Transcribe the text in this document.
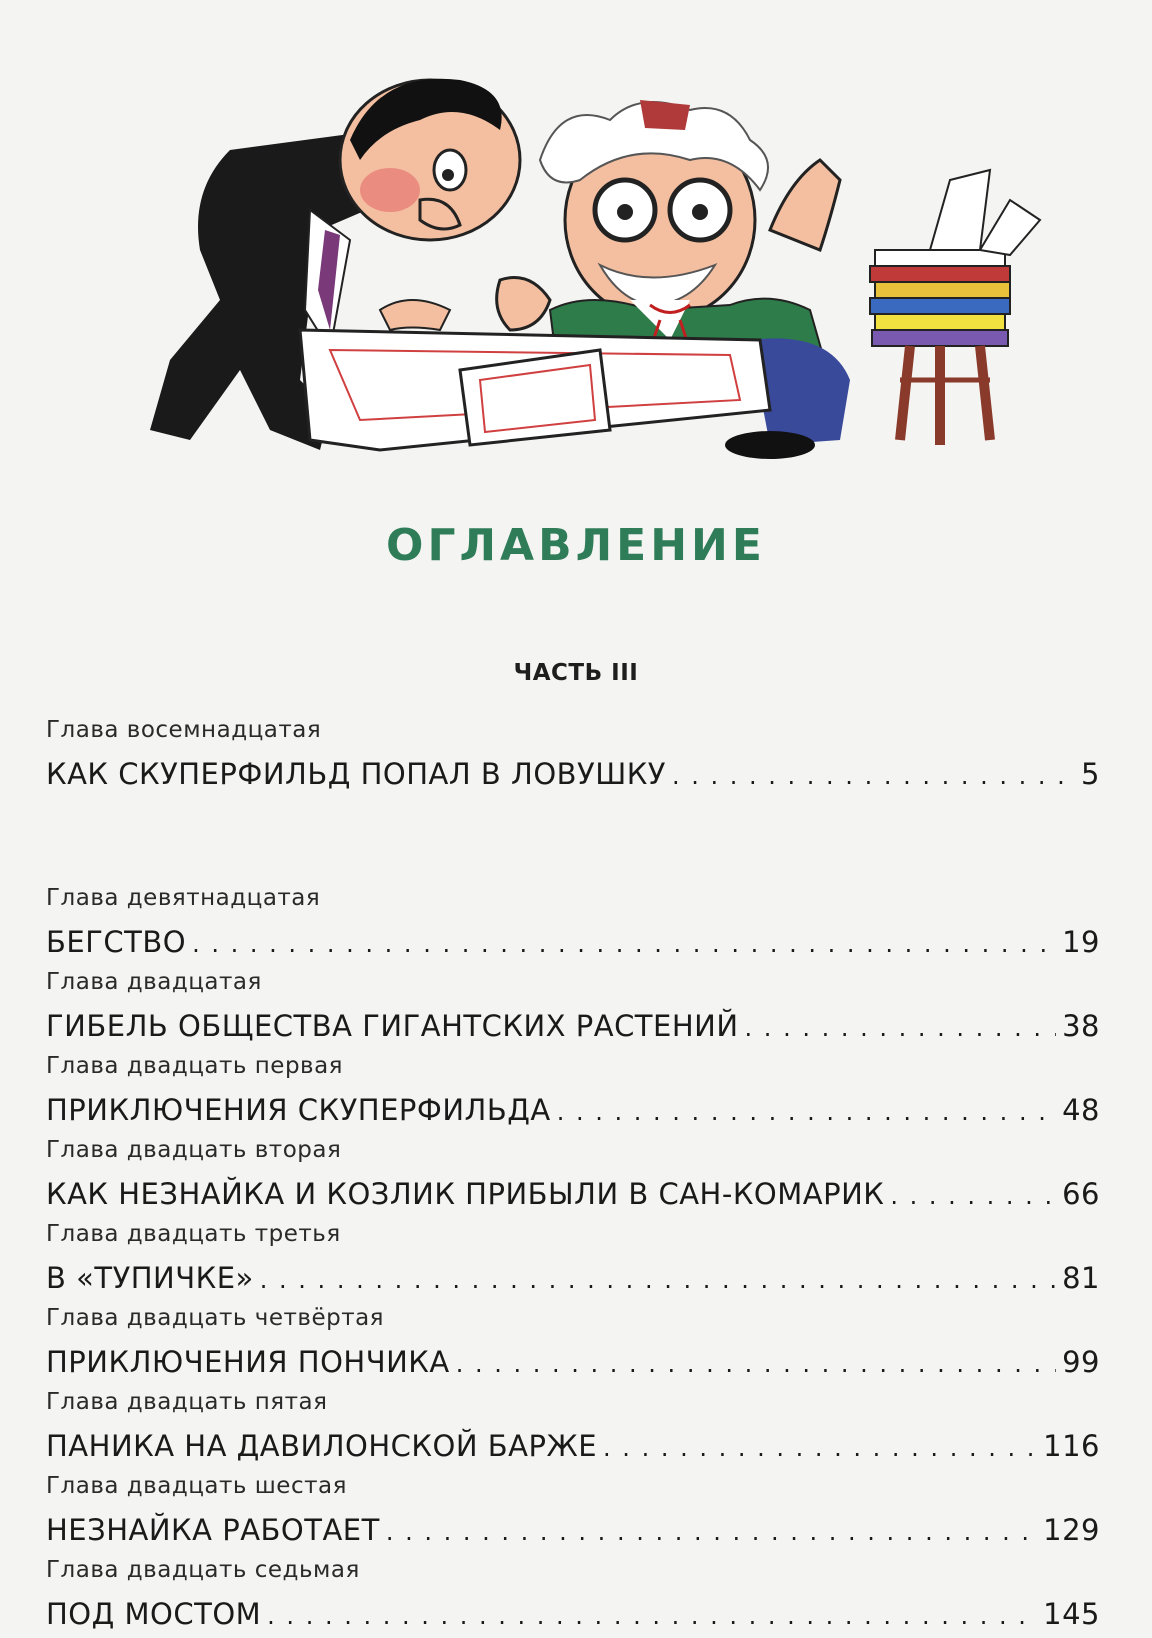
ОГЛАВЛЕНИЕ
ЧАСТЬ III
Глава восемнадцатая
КАК СКУПЕРФИЛЬД ПОПАЛ В ЛОВУШКУ . . .	5
Глава девятнадцатая
БЕГСТВО . . .	19
Глава двадцатая
ГИБЕЛЬ ОБЩЕСТВА ГИГАНТСКИХ РАСТЕНИЙ . . .	38
Глава двадцать первая
ПРИКЛЮЧЕНИЯ СКУПЕРФИЛЬДА . . .	48
Глава двадцать вторая
КАК НЕЗНАЙКА И КОЗЛИК ПРИБЫЛИ В САН-КОМАРИК . . .	66
Глава двадцать третья
В «ТУПИЧКЕ» . . .	81
Глава двадцать четвёртая
ПРИКЛЮЧЕНИЯ ПОНЧИКА . . .	99
Глава двадцать пятая
ПАНИКА НА ДАВИЛОНСКОЙ БАРЖЕ . . .	116
Глава двадцать шестая
НЕЗНАЙКА РАБОТАЕТ . . .	129
Глава двадцать седьмая
ПОД МОСТОМ . . .	145
